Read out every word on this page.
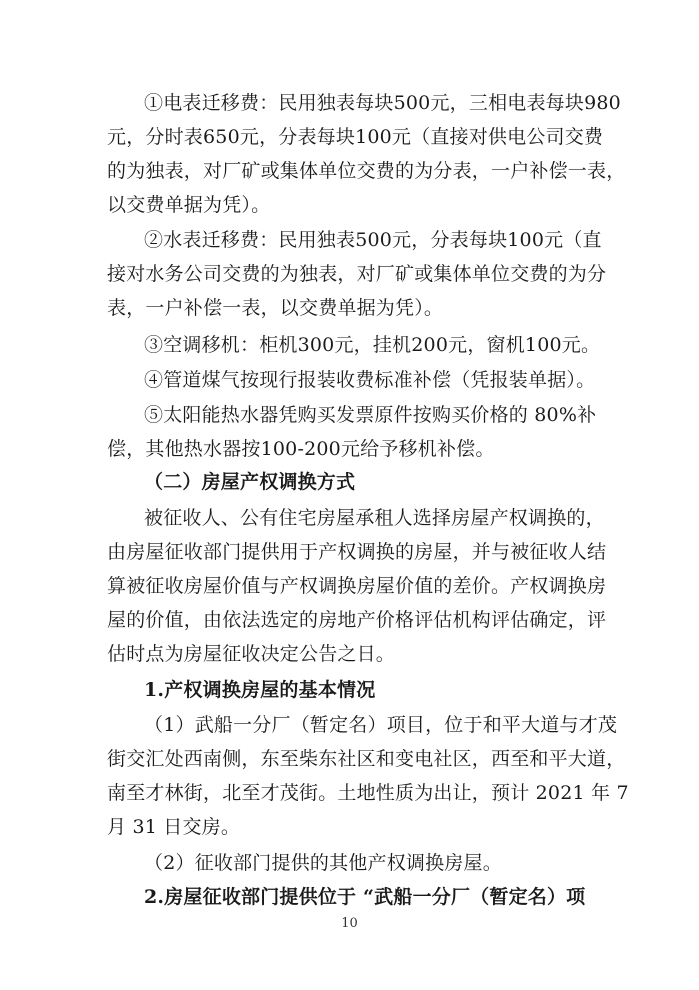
①电表迁移费：民用独表每块500元，三相电表每块980
元，分时表650元，分表每块100元（直接对供电公司交费
的为独表，对厂矿或集体单位交费的为分表，一户补偿一表，
以交费单据为凭）。
②水表迁移费：民用独表500元，分表每块100元（直
接对水务公司交费的为独表，对厂矿或集体单位交费的为分
表，一户补偿一表，以交费单据为凭）。
③空调移机：柜机300元，挂机200元，窗机100元。
④管道煤气按现行报装收费标准补偿（凭报装单据）。
⑤太阳能热水器凭购买发票原件按购买价格的 80%补
偿，其他热水器按100-200元给予移机补偿。
（二）房屋产权调换方式
被征收人、公有住宅房屋承租人选择房屋产权调换的，
由房屋征收部门提供用于产权调换的房屋，并与被征收人结
算被征收房屋价值与产权调换房屋价值的差价。产权调换房
屋的价值，由依法选定的房地产价格评估机构评估确定，评
估时点为房屋征收决定公告之日。
1.产权调换房屋的基本情况
（1）武船一分厂（暂定名）项目，位于和平大道与才茂
街交汇处西南侧，东至柴东社区和变电社区，西至和平大道，
南至才林街，北至才茂街。土地性质为出让，预计 2021 年 7
月 31 日交房。
（2）征收部门提供的其他产权调换房屋。
2.房屋征收部门提供位于 “武船一分厂（暂定名）项
10
